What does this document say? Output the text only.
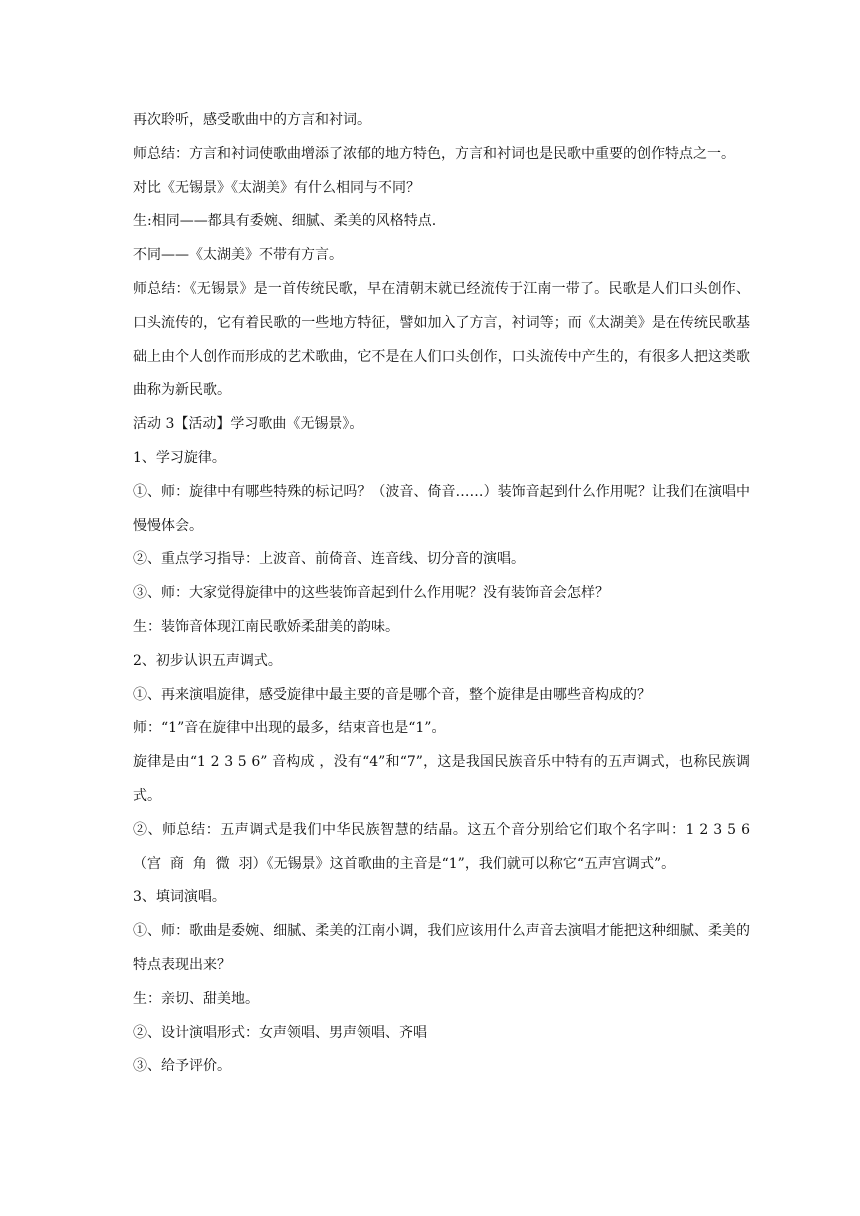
再次聆听，感受歌曲中的方言和衬词。

师总结：方言和衬词使歌曲增添了浓郁的地方特色，方言和衬词也是民歌中重要的创作特点之一。

对比《无锡景》《太湖美》有什么相同与不同？

生:相同——都具有委婉、细腻、柔美的风格特点.

不同——《太湖美》不带有方言。

师总结：《无锡景》是一首传统民歌，早在清朝末就已经流传于江南一带了。民歌是人们口头创作、口头流传的，它有着民歌的一些地方特征，譬如加入了方言，衬词等；而《太湖美》是在传统民歌基础上由个人创作而形成的艺术歌曲，它不是在人们口头创作，口头流传中产生的，有很多人把这类歌曲称为新民歌。

活动 3【活动】学习歌曲《无锡景》。

1、学习旋律。

①、师：旋律中有哪些特殊的标记吗？（波音、倚音……）装饰音起到什么作用呢？让我们在演唱中慢慢体会。

②、重点学习指导：上波音、前倚音、连音线、切分音的演唱。

③、师：大家觉得旋律中的这些装饰音起到什么作用呢？没有装饰音会怎样？

生：装饰音体现江南民歌娇柔甜美的韵味。

2、初步认识五声调式。

①、再来演唱旋律，感受旋律中最主要的音是哪个音，整个旋律是由哪些音构成的？

师：“1”音在旋律中出现的最多，结束音也是“1”。

旋律是由“1 2 3 5 6” 音构成 ，没有“4”和“7”，这是我国民族音乐中特有的五声调式，也称民族调式。

②、师总结：五声调式是我们中华民族智慧的结晶。这五个音分别给它们取个名字叫：1 2 3 5 6（宫  商  角  微  羽）《无锡景》这首歌曲的主音是“1”，我们就可以称它“五声宫调式”。

3、填词演唱。

①、师：歌曲是委婉、细腻、柔美的江南小调，我们应该用什么声音去演唱才能把这种细腻、柔美的特点表现出来？

生：亲切、甜美地。

②、设计演唱形式：女声领唱、男声领唱、齐唱

③、给予评价。
